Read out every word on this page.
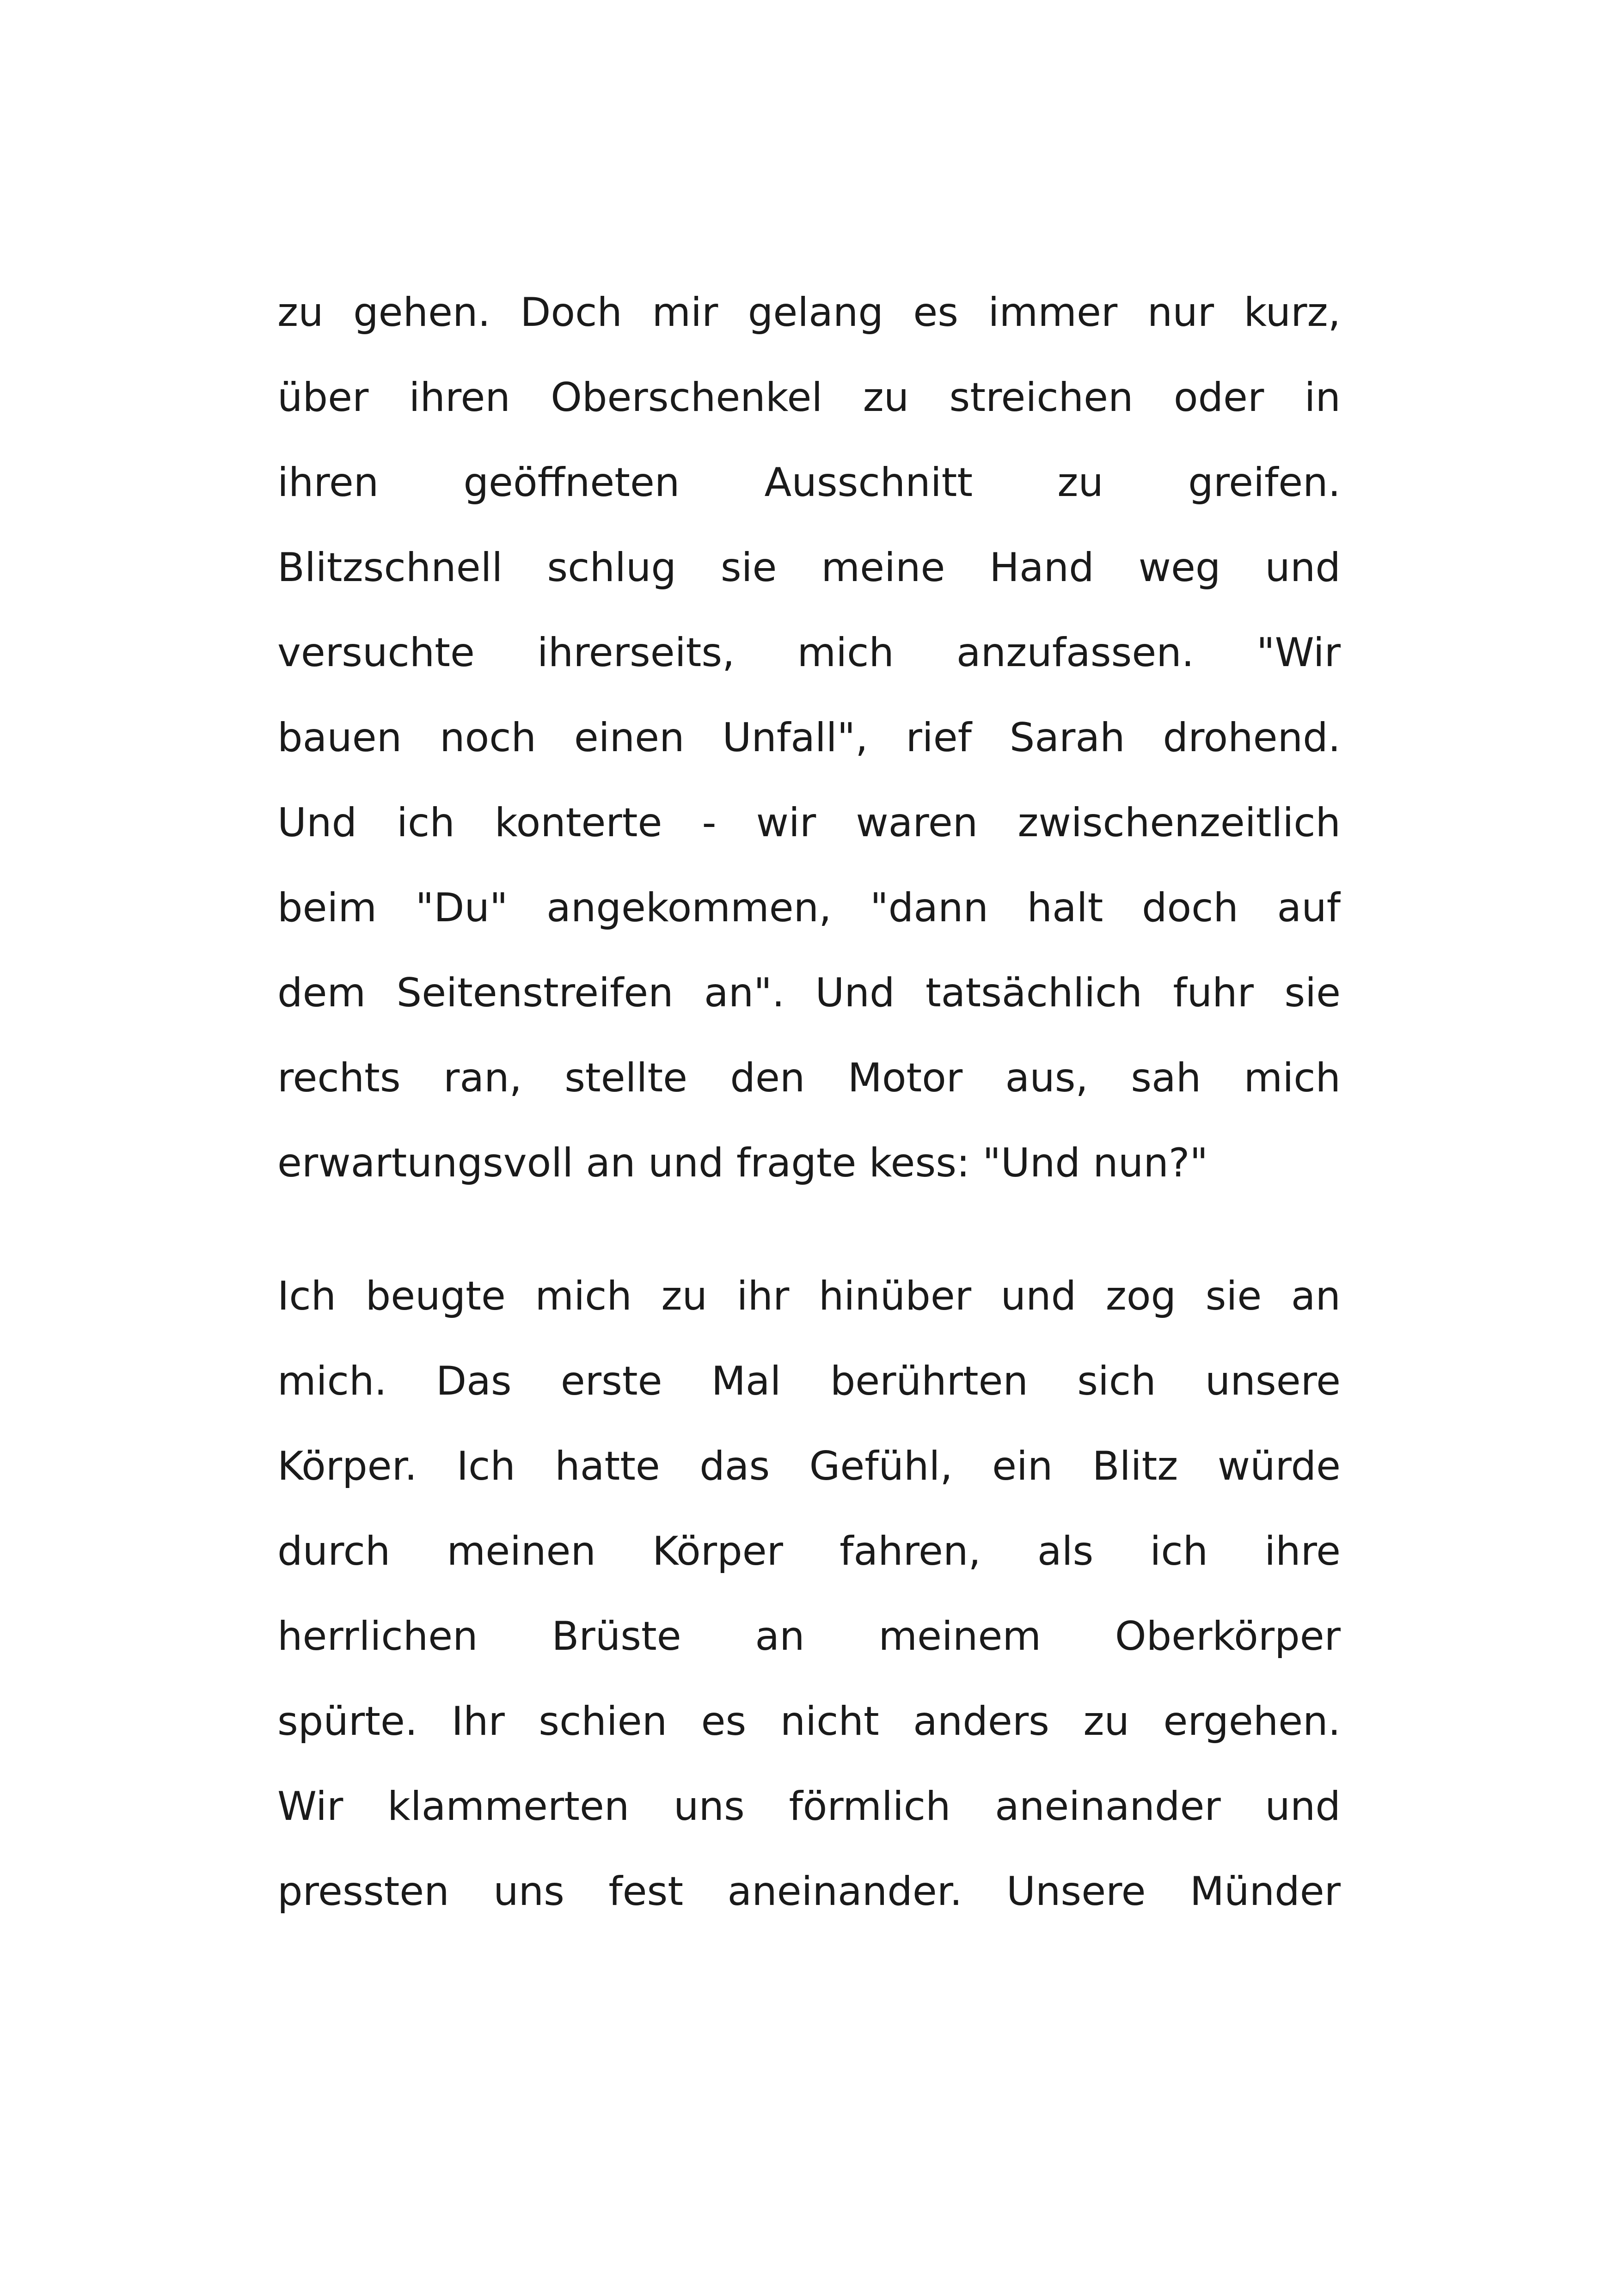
zu gehen. Doch mir gelang es immer nur kurz,
über ihren Oberschenkel zu streichen oder in
ihren geöffneten Ausschnitt zu greifen.
Blitzschnell schlug sie meine Hand weg und
versuchte ihrerseits, mich anzufassen. "Wir
bauen noch einen Unfall", rief Sarah drohend.
Und ich konterte - wir waren zwischenzeitlich
beim "Du" angekommen, "dann halt doch auf
dem Seitenstreifen an". Und tatsächlich fuhr sie
rechts ran, stellte den Motor aus, sah mich
erwartungsvoll an und fragte kess: "Und nun?"
Ich beugte mich zu ihr hinüber und zog sie an
mich. Das erste Mal berührten sich unsere
Körper. Ich hatte das Gefühl, ein Blitz würde
durch meinen Körper fahren, als ich ihre
herrlichen Brüste an meinem Oberkörper
spürte. Ihr schien es nicht anders zu ergehen.
Wir klammerten uns förmlich aneinander und
pressten uns fest aneinander. Unsere Münder
